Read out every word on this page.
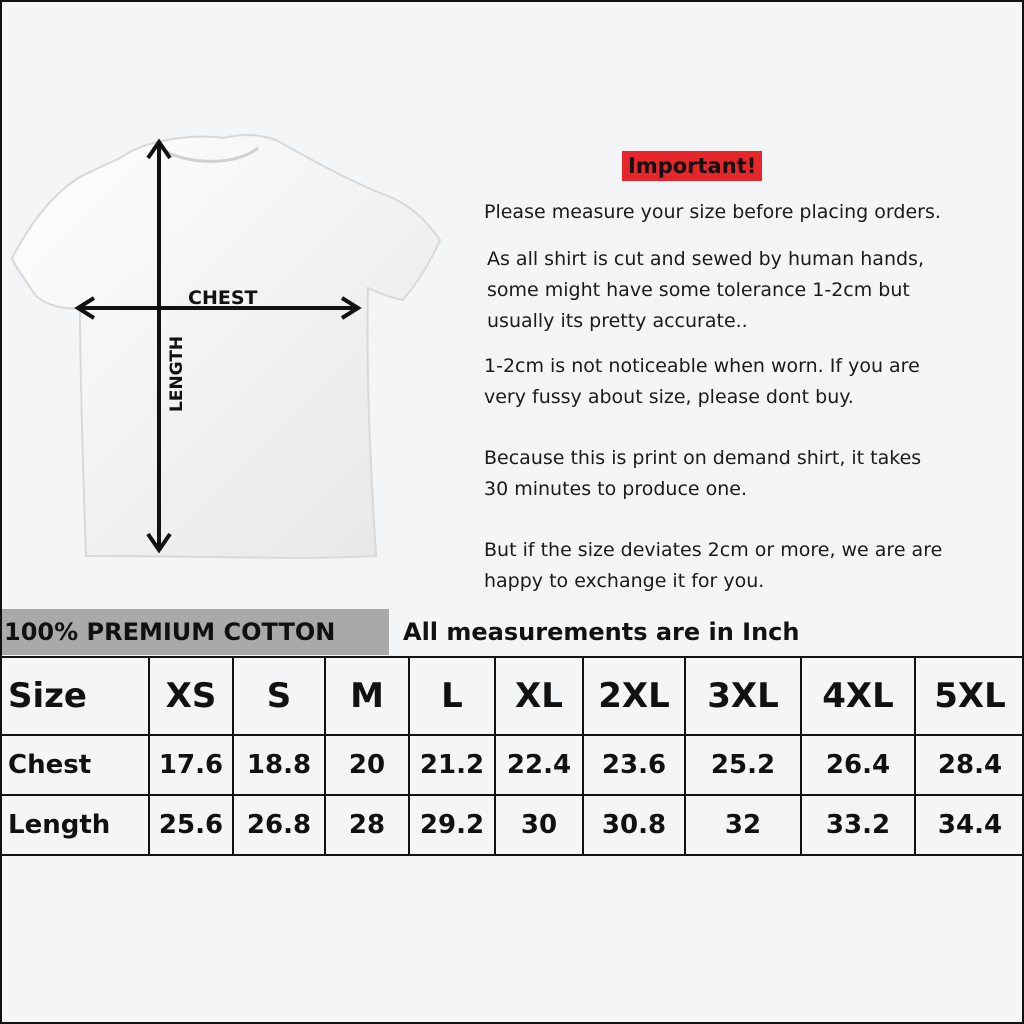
CHEST
LENGTH
Important!
Please measure your size before placing orders.
As all shirt is cut and sewed by human hands,
some might have some tolerance 1-2cm but
usually its pretty accurate..
1-2cm is not noticeable when worn. If you are
very fussy about size, please dont buy.
Because this is print on demand shirt, it takes
30 minutes to produce one.
But if the size deviates 2cm or more, we are are
happy to exchange it for you.
100% PREMIUM COTTON	All measurements are in Inch
Size	XS	S	M	L	XL	2XL	3XL	4XL	5XL
Chest	17.6	18.8	20	21.2	22.4	23.6	25.2	26.4	28.4
Length	25.6	26.8	28	29.2	30	30.8	32	33.2	34.4
